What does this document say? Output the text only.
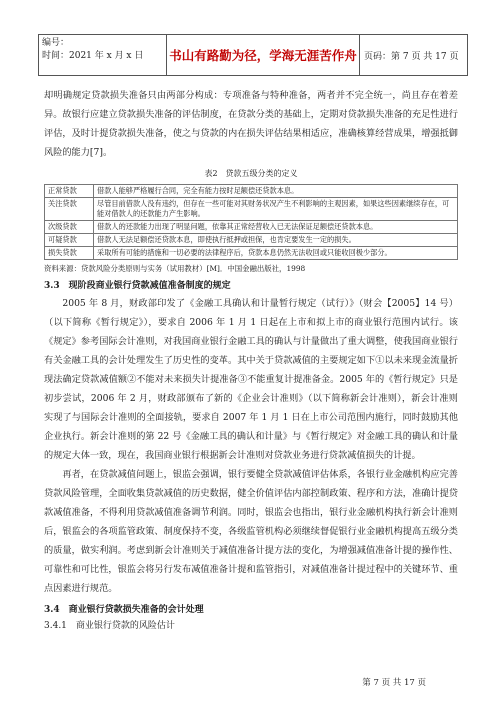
编号：
时间：2021 年 x 月 x 日	书山有路勤为径，学海无涯苦作舟 页码：第 7 页 共 17 页

却明确规定贷款损失准备只由两部分构成：专项准备与特种准备，两者并不完全统一，尚且存在着差异。故银行应建立贷款损失准备的评估制度，在贷款分类的基础上，定期对贷款损失准备的充足性进行评估，及时计提贷款损失准备，使之与贷款的内在损失评估结果相适应，准确核算经营成果，增强抵御风险的能力[7]。

表2　贷款五级分类的定义
正常贷款	借款人能够严格履行合同，完全有能力按时足额偿还贷款本息。
关注贷款	尽管目前借款人没有违约，但存在一些可能对其财务状况产生不利影响的主观因素，如果这些因素继续存在，可能对借款人的还款能力产生影响。
次级贷款	借款人的还款能力出现了明显问题，依靠其正常经营收入已无法保证足额偿还贷款本息。
可疑贷款	借款人无法足额偿还贷款本息，即使执行抵押或担保，也肯定要发生一定的损失。
损失贷款	采取所有可能的措施和一切必要的法律程序后，贷款本息仍然无法收回或只能收回极少部分。
资料来源：贷款风险分类原则与实务（试用教材）[M]．中国金融出版社，1998
3.3　现阶段商业银行贷款减值准备制度的规定

2005 年 8 月，财政部印发了《金融工具确认和计量暂行规定（试行）》（财会【2005】14 号）（以下简称《暂行规定》），要求自 2006 年 1 月 1 日起在上市和拟上市的商业银行范围内试行。该《规定》参考国际会计准则，对我国商业银行金融工具的确认与计量做出了重大调整，使我国商业银行有关金融工具的会计处理发生了历史性的变革。其中关于贷款减值的主要规定如下①以未来现金流量折现法确定贷款减值额②不能对未来损失计提准备③不能重复计提准备金。2005 年的《暂行规定》只是初步尝试，2006 年 2 月，财政部颁布了新的《企业会计准则》（以下简称新会计准则），新会计准则实现了与国际会计准则的全面接轨，要求自 2007 年 1 月 1 日在上市公司范围内施行，同时鼓励其他企业执行。新会计准则的第 22 号《金融工具的确认和计量》与《暂行规定》对金融工具的确认和计量的规定大体一致，现在，我国商业银行根据新会计准则对贷款业务进行贷款减值损失的计提。

再者，在贷款减值问题上，银监会强调，银行要健全贷款减值评估体系，各银行业金融机构应完善贷款风险管理，全面收集贷款减值的历史数据，健全价值评估内部控制政策、程序和方法，准确计提贷款减值准备，不得利用贷款减值准备调节利润。同时，银监会也指出，银行业金融机构执行新会计准则后，银监会的各项监管政策、制度保持不变，各级监管机构必须继续督促银行业金融机构提高五级分类的质量，做实利润。考虑到新会计准则关于减值准备计提方法的变化，为增强减值准备计提的操作性、可靠性和可比性，银监会将另行发布减值准备计提和监管指引，对减值准备计提过程中的关键环节、重点因素进行规范。

3.4　商业银行贷款损失准备的会计处理
3.4.1　商业银行贷款的风险估计
第 7 页 共 17 页
